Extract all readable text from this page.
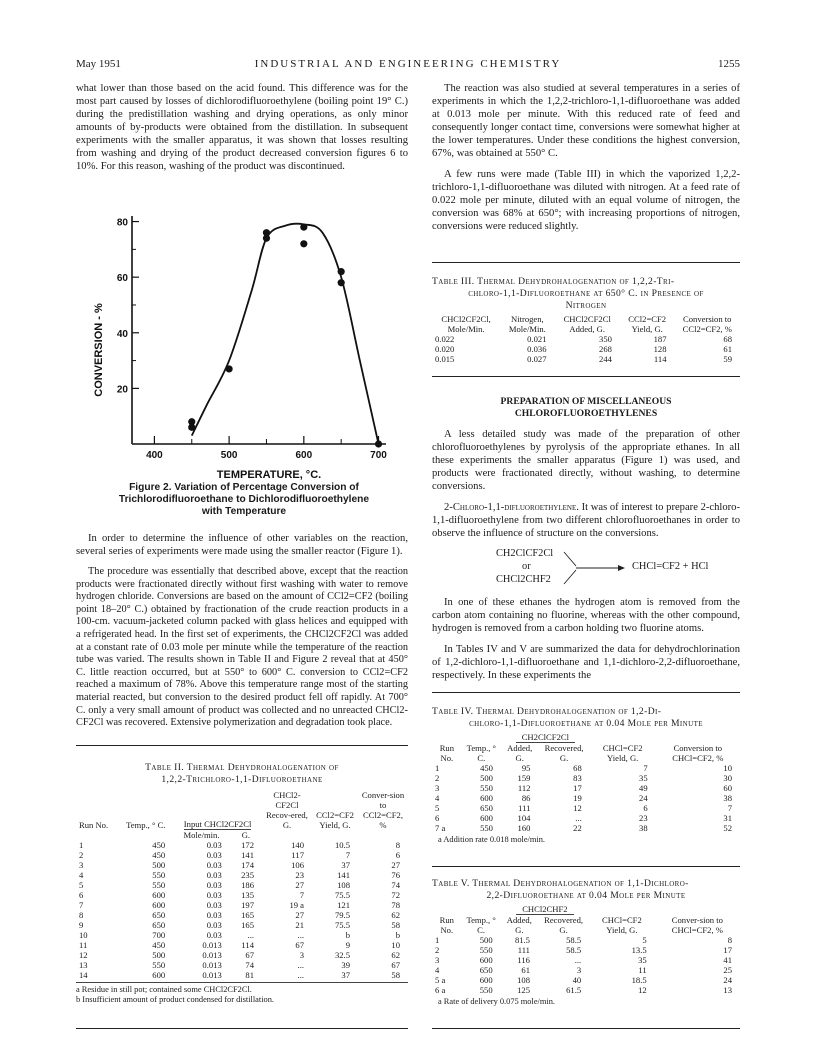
May 1951	INDUSTRIAL AND ENGINEERING CHEMISTRY	1255

what lower than those based on the acid found. This difference was for the most part caused by losses of dichlorodifluoroethylene (boiling point 19° C.) during the predistillation washing and drying operations, as only minor amounts of by-products were obtained from the distillation. In subsequent experiments with the smaller apparatus, it was shown that losses resulting from washing and drying of the product decreased conversion figures 6 to 10%. For this reason, washing of the product was discontinued.

400	500	600	700
20
40
60
80
TEMPERATURE, °C.
CONVERSION - %
Figure 2. Variation of Percentage Conversion of
Trichlorodifluoroethane to Dichlorodifluoroethylene
with Temperature

In order to determine the influence of other variables on the reaction, several series of experiments were made using the smaller reactor (Figure 1).

The procedure was essentially that described above, except that the reaction products were fractionated directly without first washing with water to remove hydrogen chloride. Conversions are based on the amount of CCl2=CF2 (boiling point 18–20° C.) obtained by fractionation of the crude reaction products in a 100-cm. vacuum-jacketed column packed with glass helices and equipped with a refrigerated head. In the first set of experiments, the CHCl2CF2Cl was added at a constant rate of 0.03 mole per minute while the temperature of the reaction tube was varied. The results shown in Table II and Figure 2 reveal that at 450° C. little reaction occurred, but at 550° to 600° C. conversion to CCl2=CF2 reached a maximum of 78%. Above this temperature range most of the starting material reacted, but conversion to the desired product fell off rapidly. At 700° C. only a very small amount of product was collected and no unreacted CHCl2-CF2Cl was recovered. Extensive polymerization and degradation took place.

Table II. Thermal Dehydrohalogenation of
1,2,2-Trichloro-1,1-Difluoroethane
Run No.	Temp., ° C.	Input CHCl2CF2Cl		CHCl2-CF2Cl Recov-ered, G.	CCl2=CF2 Yield, G.	Conver-sion to CCl2=CF2, %
		Mole/min.	G.			
1	450	0.03	172	140	10.5	8
2	450	0.03	141	117	7	6
3	500	0.03	174	106	37	27
4	550	0.03	235	23	141	76
5	550	0.03	186	27	108	74
6	600	0.03	135	7	75.5	72
7	600	0.03	197	19 a	121	78
8	650	0.03	165	27	79.5	62
9	650	0.03	165	21	75.5	58
10	700	0.03	...	...	b	b
11	450	0.013	114	67	9	10
12	500	0.013	67	3	32.5	62
13	550	0.013	74	...	39	67
14	600	0.013	81	...	37	58
a Residue in still pot; contained some CHCl2CF2Cl.
b Insufficient amount of product condensed for distillation.

The reaction was also studied at several temperatures in a series of experiments in which the 1,2,2-trichloro-1,1-difluoroethane was added at 0.013 mole per minute. With this reduced rate of feed and consequently longer contact time, conversions were somewhat higher at the lower temperatures. Under these conditions the highest conversion, 67%, was obtained at 550° C.

A few runs were made (Table III) in which the vaporized 1,2,2-trichloro-1,1-difluoroethane was diluted with nitrogen. At a feed rate of 0.022 mole per minute, diluted with an equal volume of nitrogen, the conversion was 68% at 650°; with increasing proportions of nitrogen, conversions were reduced slightly.

Table III. Thermal Dehydrohalogenation of 1,2,2-Tri-
chloro-1,1-Difluoroethane at 650° C. in Presence of
Nitrogen
CHCl2CF2Cl, Mole/Min.	Nitrogen, Mole/Min.	CHCl2CF2Cl Added, G.	CCl2=CF2 Yield, G.	Conversion to CCl2=CF2, %
0.022	0.021	350	187	68
0.020	0.036	268	128	61
0.015	0.027	244	114	59
PREPARATION OF MISCELLANEOUS
CHLOROFLUOROETHYLENES

A less detailed study was made of the preparation of other chlorofluoroethylenes by pyrolysis of the appropriate ethanes. In all these experiments the smaller apparatus (Figure 1) was used, and products were fractionated directly, without washing, to determine conversions.

2-Chloro-1,1-difluoroethylene. It was of interest to prepare 2-chloro-1,1-difluoroethylene from two different chlorofluoroethanes in order to observe the influence of structure on the conversions.

CH2ClCF2Cl
or
CHCl2CHF2
CHCl=CF2 + HCl

In one of these ethanes the hydrogen atom is removed from the carbon atom containing no fluorine, whereas with the other compound, hydrogen is removed from a carbon holding two fluorine atoms.

In Tables IV and V are summarized the data for dehydrochlorination of 1,2-dichloro-1,1-difluoroethane and 1,1-dichloro-2,2-difluoroethane, respectively. In these experiments the

Table IV. Thermal Dehydrohalogenation of 1,2-Di-
chloro-1,1-Difluoroethane at 0.04 Mole per Minute
		CH2ClCF2Cl			
Run No.	Temp., ° C.	Added, G.	Recovered, G.	CHCl=CF2 Yield, G.	Conversion to CHCl=CF2, %
1	450	95	68	7	10
2	500	159	83	35	30
3	550	112	17	49	60
4	600	86	19	24	38
5	650	111	12	6	7
6	600	104	...	23	31
7 a	550	160	22	38	52
a Addition rate 0.018 mole/min.
Table V. Thermal Dehydrohalogenation of 1,1-Dichloro-
2,2-Difluoroethane at 0.04 Mole per Minute
		CHCl2CHF2			
Run No.	Temp., ° C.	Added, G.	Recovered, G.	CHCl=CF2 Yield, G.	Conver-sion to CHCl=CF2, %
1	500	81.5	58.5	5	8
2	550	111	58.5	13.5	17
3	600	116	...	35	41
4	650	61	3	11	25
5 a	600	108	40	18.5	24
6 a	550	125	61.5	12	13
a Rate of delivery 0.075 mole/min.
